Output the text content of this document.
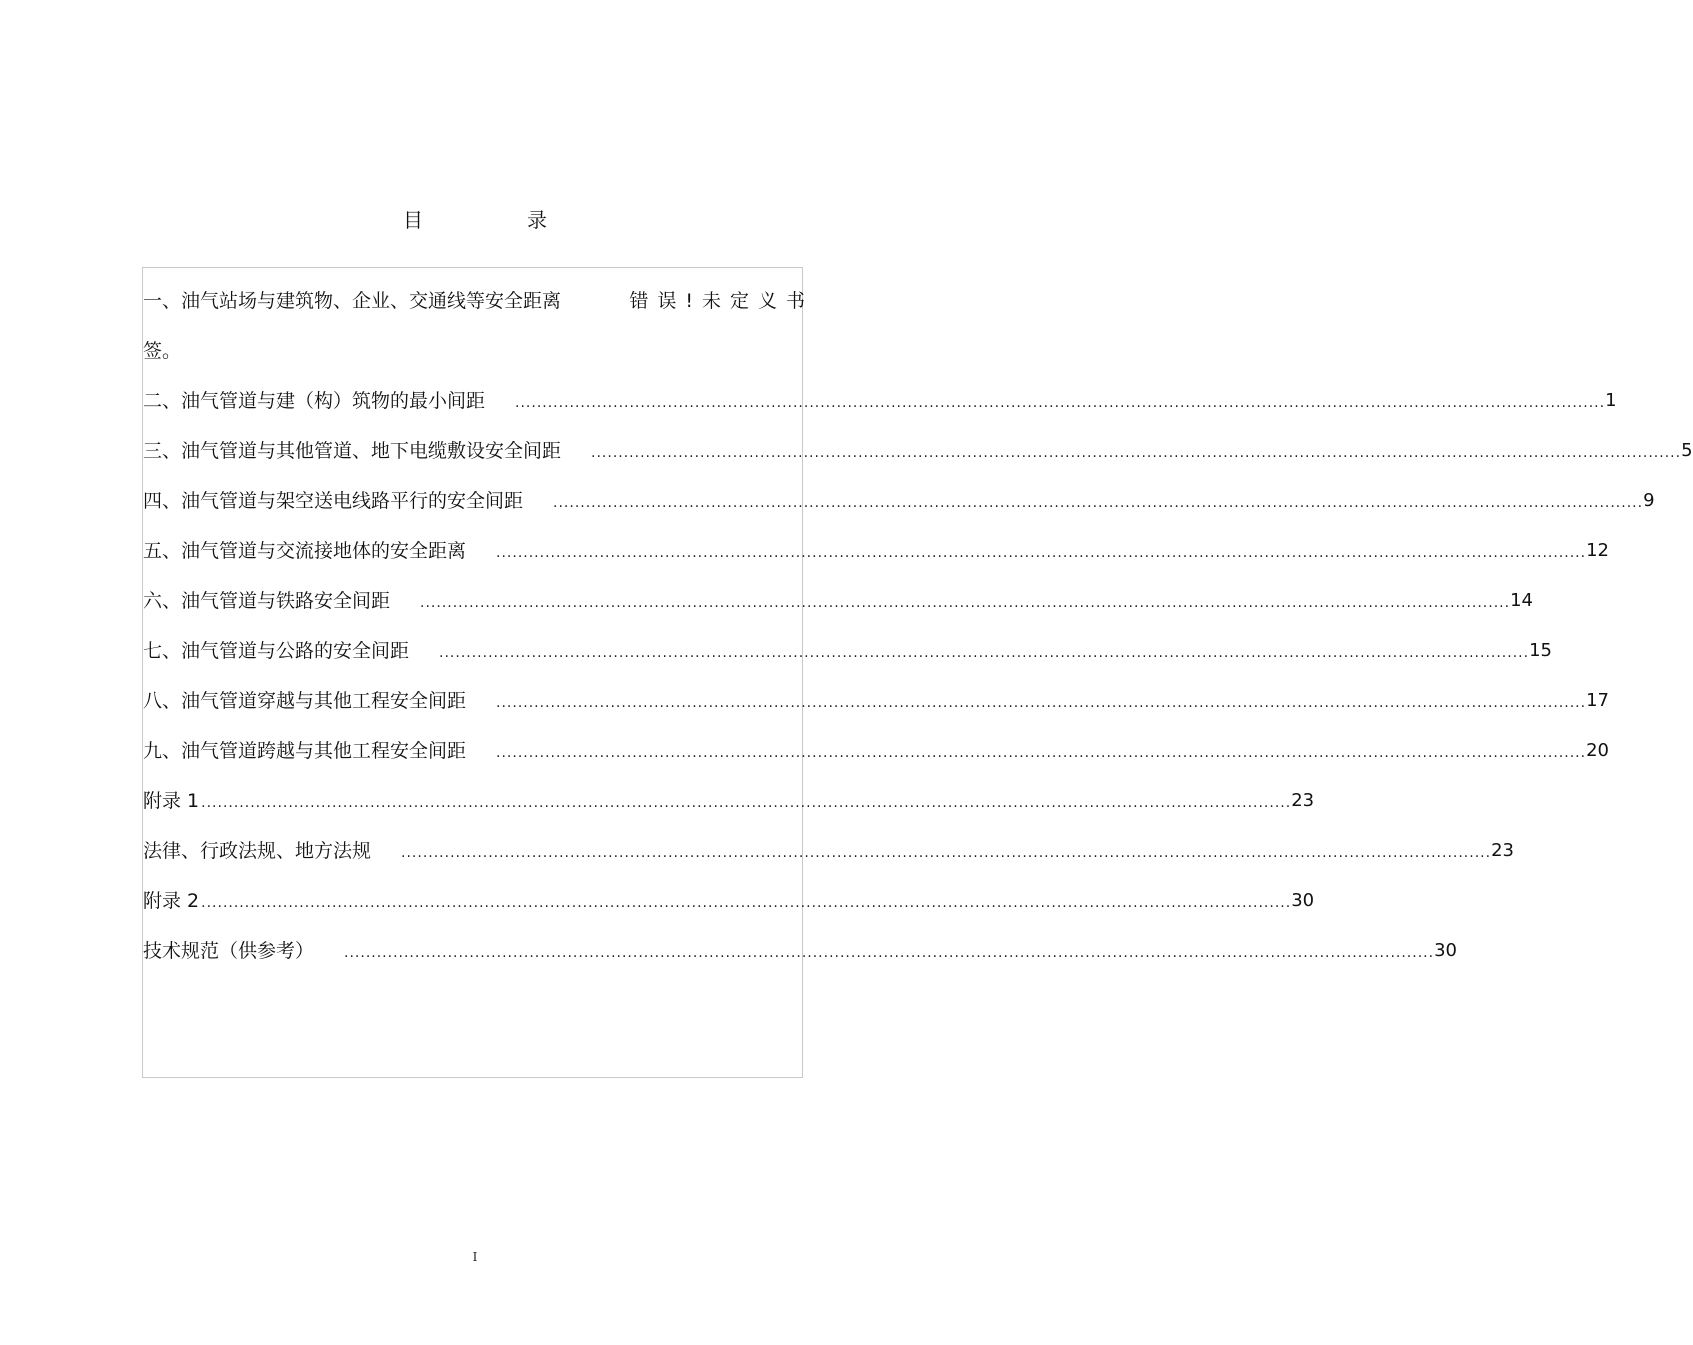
目　录
一、油气站场与建筑物、企业、交通线等安全距离	错误!未定义书
签。
二、油气管道与建（构）筑物的最小间距 ........................................................................................................................................................................................................ 1
三、油气管道与其他管道、地下电缆敷设安全间距 ........................................................................................................................................................................................................ 5
四、油气管道与架空送电线路平行的安全间距 ........................................................................................................................................................................................................ 9
五、油气管道与交流接地体的安全距离 ........................................................................................................................................................................................................ 12
六、油气管道与铁路安全间距 ........................................................................................................................................................................................................ 14
七、油气管道与公路的安全间距 ........................................................................................................................................................................................................ 15
八、油气管道穿越与其他工程安全间距 ........................................................................................................................................................................................................ 17
九、油气管道跨越与其他工程安全间距 ........................................................................................................................................................................................................ 20
附录 1 ........................................................................................................................................................................................................ 23
法律、行政法规、地方法规 ........................................................................................................................................................................................................ 23
附录 2 ........................................................................................................................................................................................................ 30
技术规范（供参考） ........................................................................................................................................................................................................ 30
I
